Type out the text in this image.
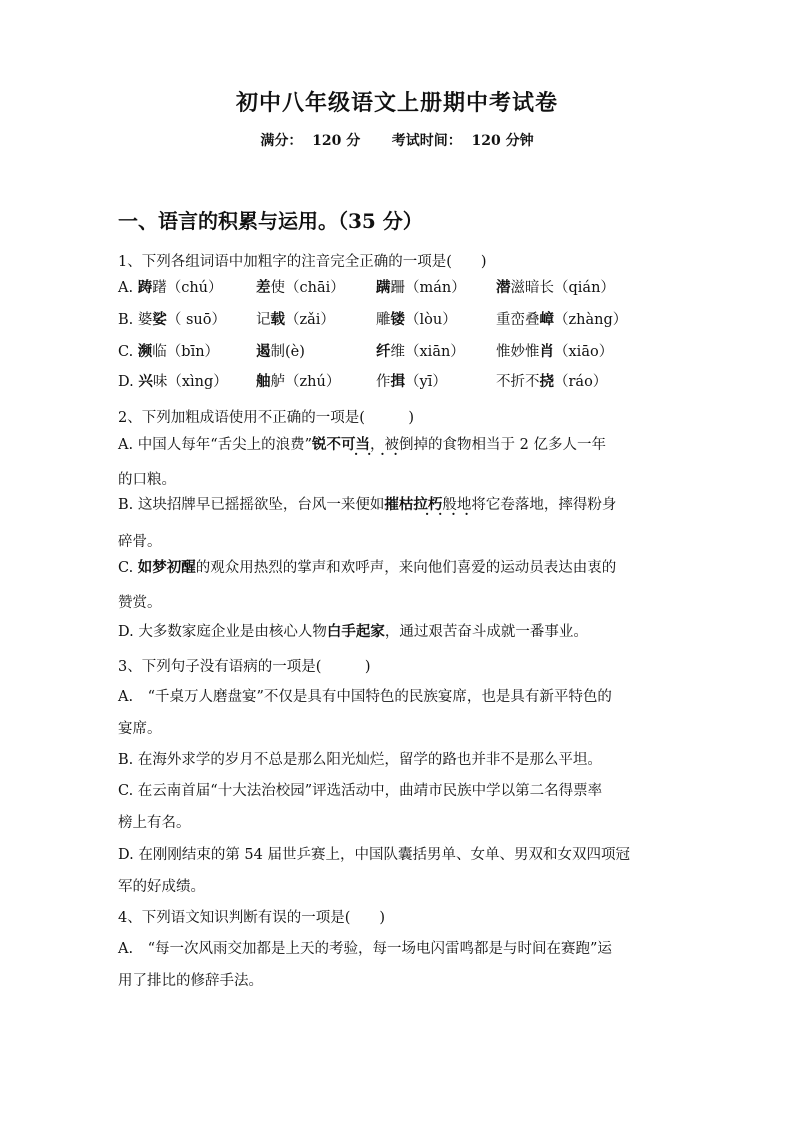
初中八年级语文上册期中考试卷
满分： 120 分 考试时间： 120 分钟
一、语言的积累与运用。（35 分）
1、下列各组词语中加粗字的注音完全正确的一项是(　　)
A. 踌躇（chú） 差使（chāi） 蹒跚（mán） 潜滋暗长（qián）
B. 婆娑（ suō） 记载（zǎi）	雕镂（lòu）	重峦叠嶂（zhàng）
C. 濒临（bīn）	遏制(è)	纤维（xiān） 惟妙惟肖（xiāo）
D. 兴味（xìng） 舳舻（zhú） 作揖（yī）	不折不挠（ráo）
2、下列加粗成语使用不正确的一项是(　　　)
A. 中国人每年“舌尖上的浪费”锐不可当，被倒掉的食物相当于 2 亿多人一年
····
的口粮。
B. 这块招牌早已摇摇欲坠，台风一来便如摧枯拉朽般地将它卷落地，摔得粉身
····
碎骨。
C. 如梦初醒的观众用热烈的掌声和欢呼声，来向他们喜爱的运动员表达由衷的
赞赏。
D. 大多数家庭企业是由核心人物白手起家，通过艰苦奋斗成就一番事业。
3、下列句子没有语病的一项是(　　　)
A.　“千桌万人磨盘宴”不仅是具有中国特色的民族宴席，也是具有新平特色的
宴席。
B. 在海外求学的岁月不总是那么阳光灿烂，留学的路也并非不是那么平坦。
C. 在云南首届“十大法治校园”评选活动中，曲靖市民族中学以第二名得票率
榜上有名。
D. 在刚刚结束的第 54 届世乒赛上，中国队囊括男单、女单、男双和女双四项冠
军的好成绩。
4、下列语文知识判断有误的一项是(　　)
A.　“每一次风雨交加都是上天的考验，每一场电闪雷鸣都是与时间在赛跑”运
用了排比的修辞手法。
